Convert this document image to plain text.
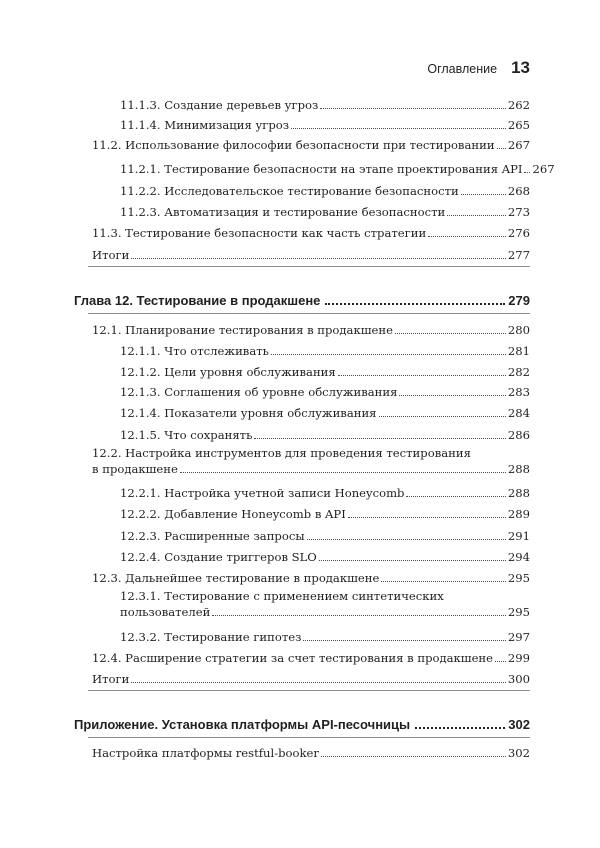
Оглавление 13
11.1.3. Создание деревьев угроз	262
11.1.4. Минимизация угроз	265
11.2. Использование философии безопасности при тестировании 267
11.2.1. Тестирование безопасности на этапе проектирования API 267
11.2.2. Исследовательское тестирование безопасности	268
11.2.3. Автоматизация и тестирование безопасности	273
11.3. Тестирование безопасности как часть стратегии	276
Итоги	277
Глава 12. Тестирование в продакшене	279
12.1. Планирование тестирования в продакшене	280
12.1.1. Что отслеживать	281
12.1.2. Цели уровня обслуживания	282
12.1.3. Соглашения об уровне обслуживания	283
12.1.4. Показатели уровня обслуживания	284
12.1.5. Что сохранять	286
12.2. Настройка инструментов для проведения тестирования
в продакшене	288
12.2.1. Настройка учетной записи Honeycomb	288
12.2.2. Добавление Honeycomb в API	289
12.2.3. Расширенные запросы	291
12.2.4. Создание триггеров SLO	294
12.3. Дальнейшее тестирование в продакшене	295
12.3.1. Тестирование с применением синтетических
пользователей	295
12.3.2. Тестирование гипотез	297
12.4. Расширение стратегии за счет тестирования в продакшене 299
Итоги	300
Приложение. Установка платформы API-песочницы	302
Настройка платформы restful-booker	302
